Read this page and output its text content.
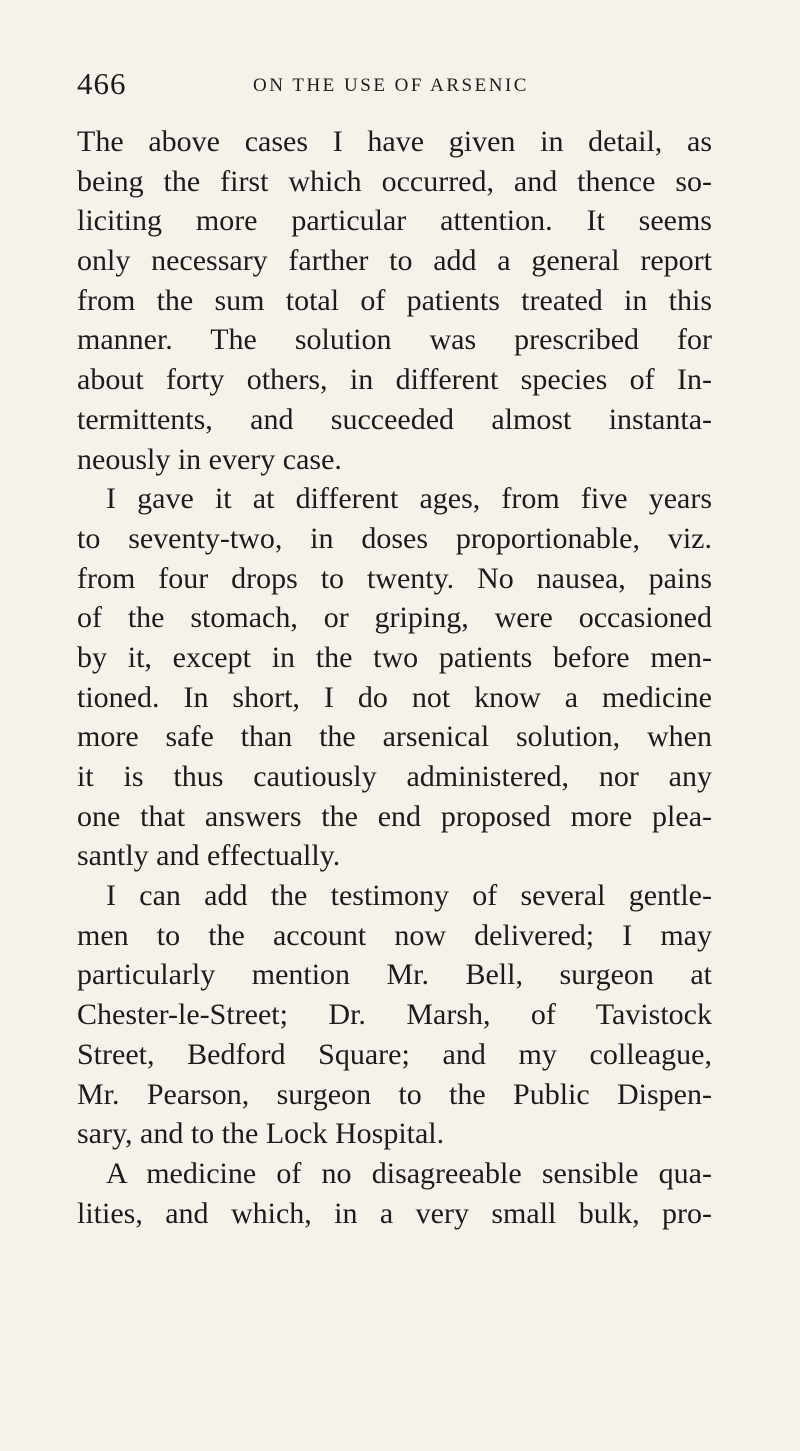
466	ON THE USE OF ARSENIC
The above cases I have given in detail, as
being the first which occurred, and thence so-
liciting more particular attention. It seems
only necessary farther to add a general report
from the sum total of patients treated in this
manner. The solution was prescribed for
about forty others, in different species of In-
termittents, and succeeded almost instanta-
neously in every case.
I gave it at different ages, from five years
to seventy-two, in doses proportionable, viz.
from four drops to twenty. No nausea, pains
of the stomach, or griping, were occasioned
by it, except in the two patients before men-
tioned. In short, I do not know a medicine
more safe than the arsenical solution, when
it is thus cautiously administered, nor any
one that answers the end proposed more plea-
santly and effectually.
I can add the testimony of several gentle-
men to the account now delivered; I may
particularly mention Mr. Bell, surgeon at
Chester-le-Street; Dr. Marsh, of Tavistock
Street, Bedford Square; and my colleague,
Mr. Pearson, surgeon to the Public Dispen-
sary, and to the Lock Hospital.
A medicine of no disagreeable sensible qua-
lities, and which, in a very small bulk, pro-
